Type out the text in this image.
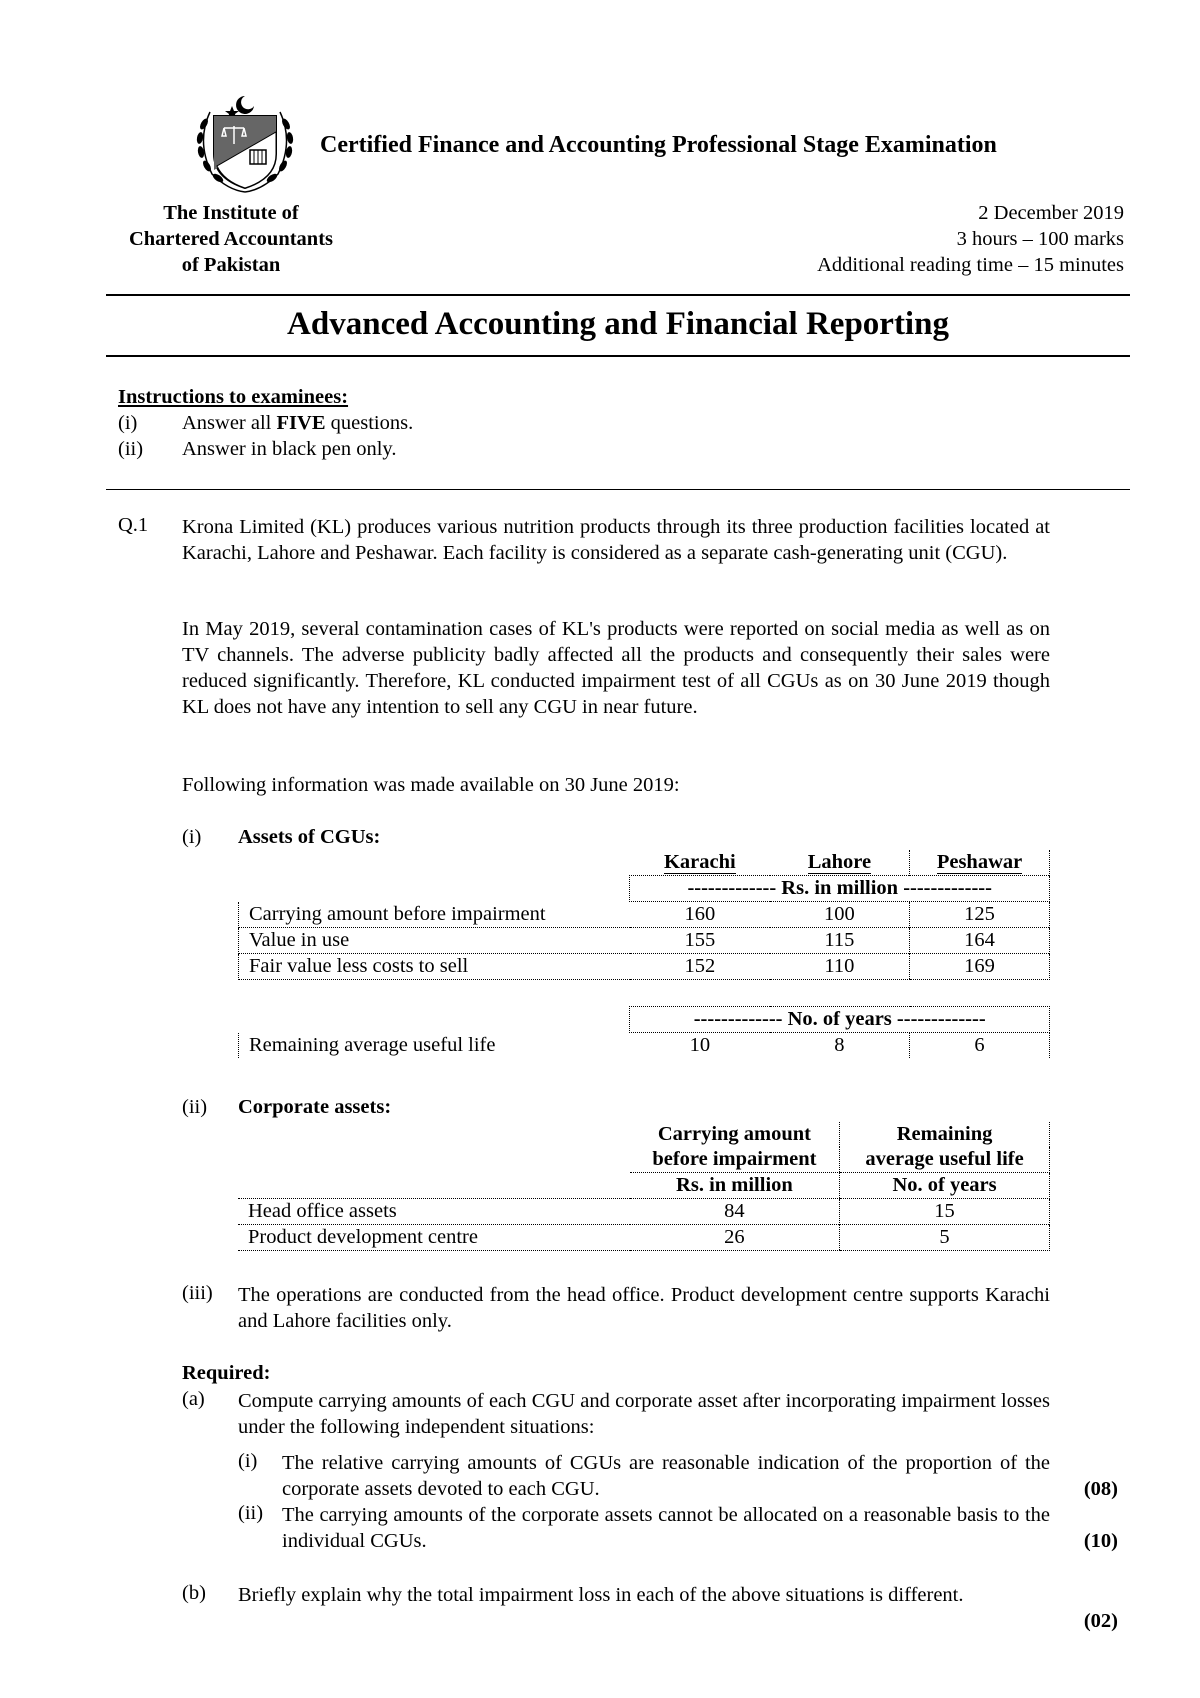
Certified Finance and Accounting Professional Stage Examination
The Institute of
Chartered Accountants
of Pakistan
2 December 2019
3 hours – 100 marks
Additional reading time – 15 minutes
Advanced Accounting and Financial Reporting
Instructions to examinees:
(i) Answer all FIVE questions.
(ii) Answer in black pen only.
Q.1 Krona Limited (KL) produces various nutrition products through its three production facilities located at Karachi, Lahore and Peshawar. Each facility is considered as a separate cash-generating unit (CGU).
In May 2019, several contamination cases of KL's products were reported on social media as well as on TV channels. The adverse publicity badly affected all the products and consequently their sales were reduced significantly. Therefore, KL conducted impairment test of all CGUs as on 30 June 2019 though KL does not have any intention to sell any CGU in near future.
Following information was made available on 30 June 2019:
(i) Assets of CGUs:
	Karachi	Lahore	Peshawar
	------------- Rs. in million -------------		
Carrying amount before impairment	160	100	125
Value in use	155	115	164
Fair value less costs to sell	152	110	169

	------------- No. of years -------------		
Remaining average useful life	10	8	6
(ii) Corporate assets:
	Carrying amount	Remaining
	before impairment	average useful life
	Rs. in million	No. of years
Head office assets	84	15
Product development centre	26	5
(iii) The operations are conducted from the head office. Product development centre supports Karachi and Lahore facilities only.
Required:
(a) Compute carrying amounts of each CGU and corporate asset after incorporating impairment losses under the following independent situations:
(i) The relative carrying amounts of CGUs are reasonable indication of the proportion of the corporate assets devoted to each CGU.	(08)
(ii) The carrying amounts of the corporate assets cannot be allocated on a reasonable basis to the individual CGUs.	(10)
(b) Briefly explain why the total impairment loss in each of the above situations is different.
(02)
